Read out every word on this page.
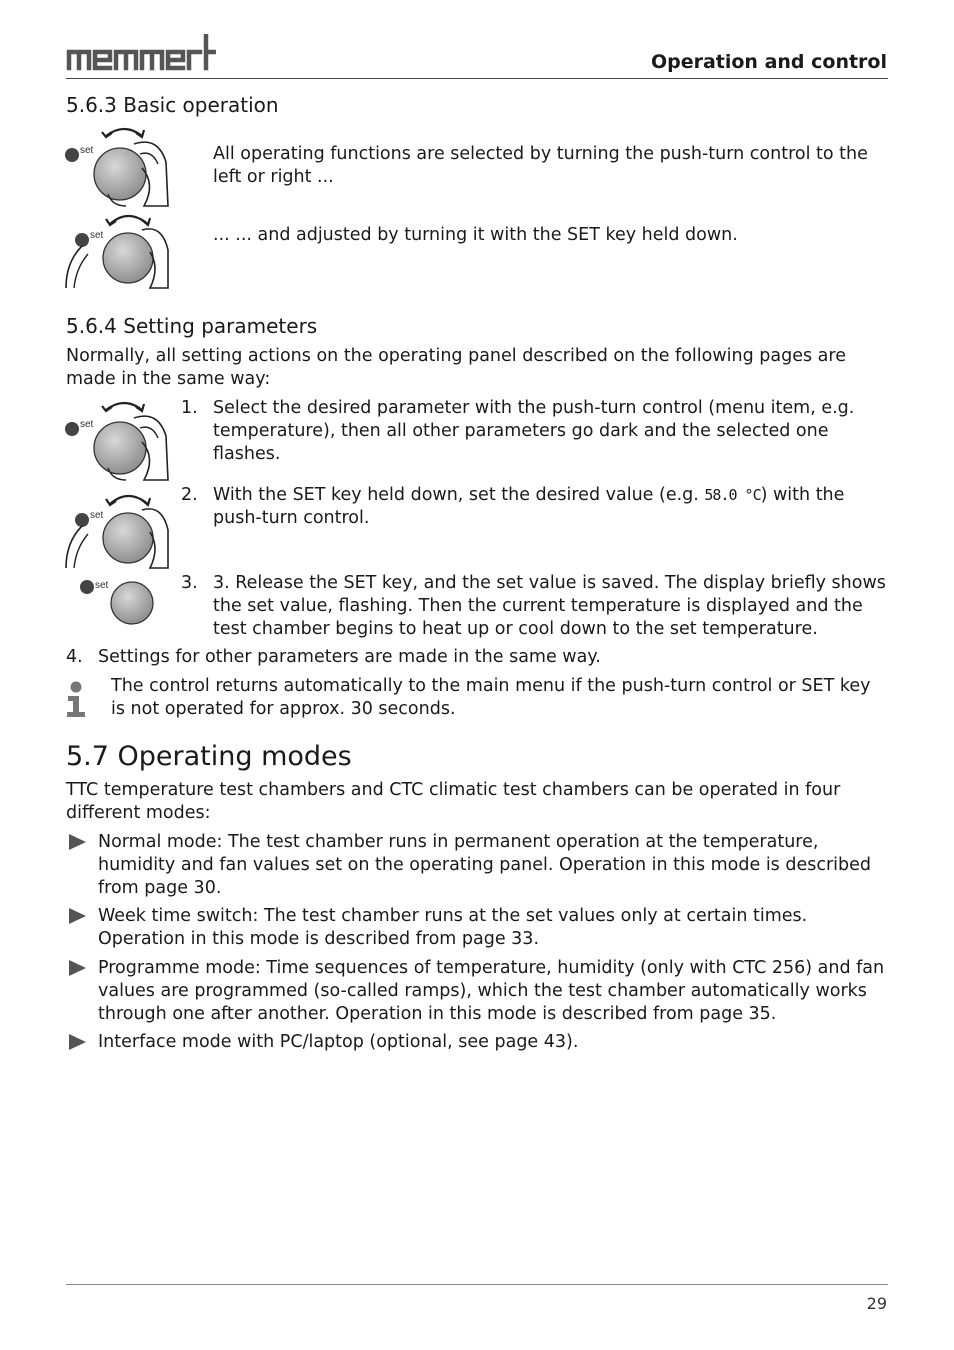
Operation and control
5.6.3 Basic operation
set	All operating functions are selected by turning the push-turn control to the left or right ...

set	... ... and adjusted by turning it with the SET key held down.

5.6.4 Setting parameters

Normally, all setting actions on the operating panel described on the following pages are made in the same way:

set
1. Select the desired parameter with the push-turn control (menu item, e.g. temperature), then all other parameters go dark and the selected one flashes.

set
2. With the SET key held down, set the desired value (e.g. 58.0 °C) with the push-turn control.

set	3. 3. Release the SET key, and the set value is saved. The display briefly shows the set value, flashing. Then the current temperature is displayed and the test chamber begins to heat up or cool down to the set temperature.

4. Settings for other parameters are made in the same way.

The control returns automatically to the main menu if the push-turn control or SET key is not operated for approx. 30 seconds.

5.7 Operating modes

TTC temperature test chambers and CTC climatic test chambers can be operated in four different modes:

Normal mode: The test chamber runs in permanent operation at the temperature, humidity and fan values set on the operating panel. Operation in this mode is described from page 30.

Week time switch: The test chamber runs at the set values only at certain times. Operation in this mode is described from page 33.

Programme mode: Time sequences of temperature, humidity (only with CTC 256) and fan values are programmed (so-called ramps), which the test chamber automatically works through one after another. Operation in this mode is described from page 35.

Interface mode with PC/laptop (optional, see page 43).

29
